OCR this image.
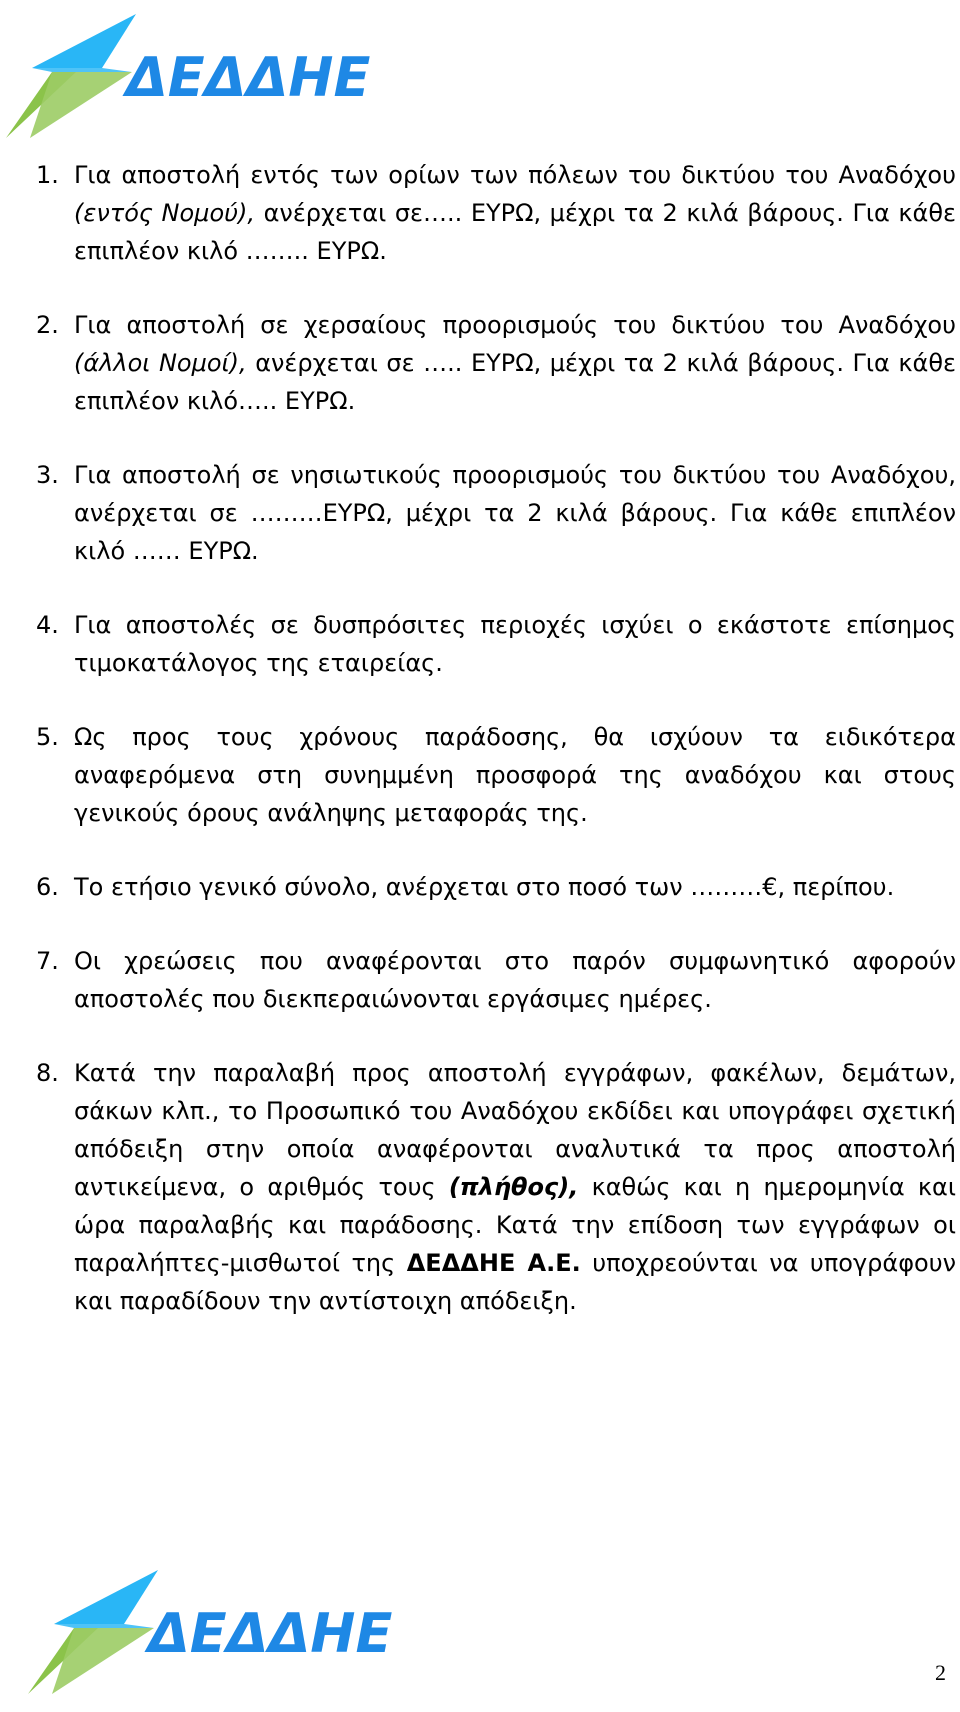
ΔΕΔΔΗΕ
1. Για αποστολή εντός των ορίων των πόλεων του δικτύου του Αναδόχου (εντός Νομού), ανέρχεται σε….. ΕΥΡΩ, μέχρι τα 2 κιλά βάρους. Για κάθε επιπλέον κιλό …….. ΕΥΡΩ.
2. Για αποστολή σε χερσαίους προορισμούς του δικτύου του Αναδόχου (άλλοι Νομοί), ανέρχεται σε ….. ΕΥΡΩ, μέχρι τα 2 κιλά βάρους. Για κάθε επιπλέον κιλό….. ΕΥΡΩ.
3. Για αποστολή σε νησιωτικούς προορισμούς του δικτύου του Αναδόχου, ανέρχεται σε ………ΕΥΡΩ, μέχρι τα 2 κιλά βάρους. Για κάθε επιπλέον κιλό …… ΕΥΡΩ.
4. Για αποστολές σε δυσπρόσιτες περιοχές ισχύει ο εκάστοτε επίσημος τιμοκατάλογος της εταιρείας.
5. Ως προς τους χρόνους παράδοσης, θα ισχύουν τα ειδικότερα αναφερόμενα στη συνημμένη προσφορά της αναδόχου και στους γενικούς όρους ανάληψης μεταφοράς της.
6. Το ετήσιο γενικό σύνολο, ανέρχεται στο ποσό των ………€, περίπου.
7. Οι χρεώσεις που αναφέρονται στο παρόν συμφωνητικό αφορούν αποστολές που διεκπεραιώνονται εργάσιμες ημέρες.
8. Κατά την παραλαβή προς αποστολή εγγράφων, φακέλων, δεμάτων, σάκων κλπ., το Προσωπικό του Αναδόχου εκδίδει και υπογράφει σχετική απόδειξη στην οποία αναφέρονται αναλυτικά τα προς αποστολή αντικείμενα, ο αριθμός τους (πλήθος), καθώς και η ημερομηνία και ώρα παραλαβής και παράδοσης. Κατά την επίδοση των εγγράφων οι παραλήπτες-μισθωτοί της ΔΕΔΔΗΕ Α.Ε. υποχρεούνται να υπογράφουν και παραδίδουν την αντίστοιχη απόδειξη.
ΔΕΔΔΗΕ
2
